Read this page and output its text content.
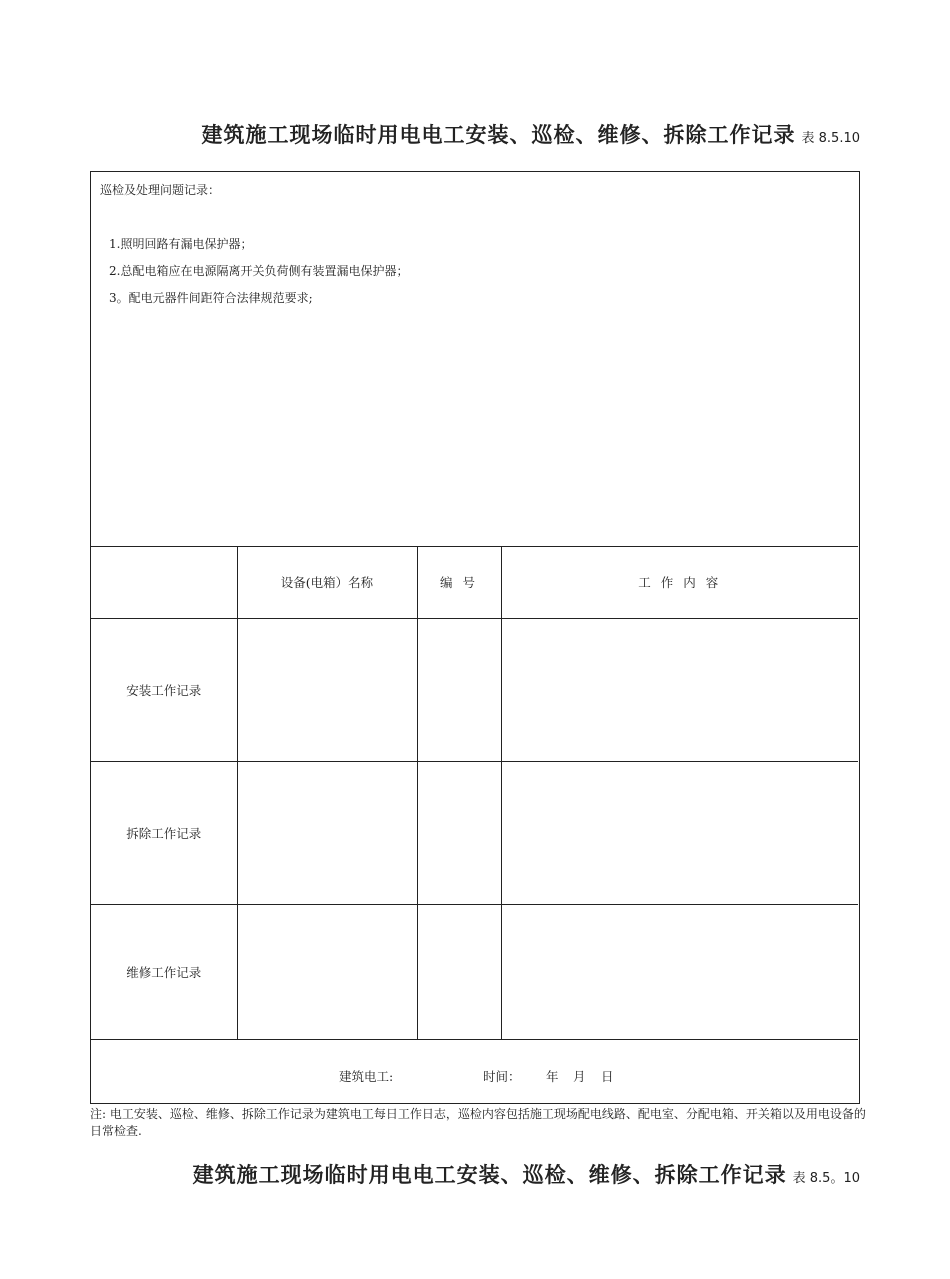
建筑施工现场临时用电电工安装、巡检、维修、拆除工作记录 表 8.5.10
巡检及处理问题记录：
1.照明回路有漏电保护器；
2.总配电箱应在电源隔离开关负荷侧有装置漏电保护器；
3。配电元器件间距符合法律规范要求;
	设备(电箱）名称	编 号	工 作 内 容
安装工作记录			
拆除工作记录			
维修工作记录			
建筑电工:	时间： 年 月 日
注: 电工安装、巡检、维修、拆除工作记录为建筑电工每日工作日志，巡检内容包括施工现场配电线路、配电室、分配电箱、开关箱以及用电设备的日常检查.
建筑施工现场临时用电电工安装、巡检、维修、拆除工作记录 表 8.5。10
